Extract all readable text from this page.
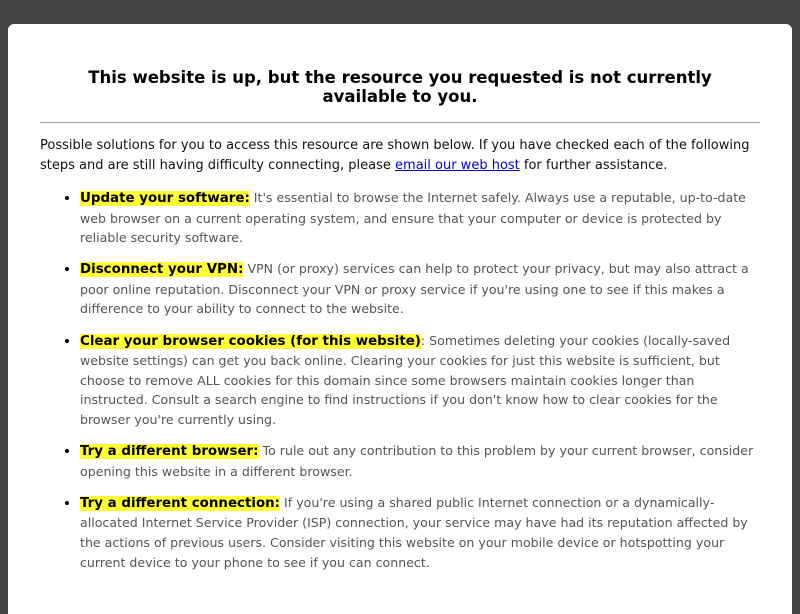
This website is up, but the resource you requested is not currently available to you.

Possible solutions for you to access this resource are shown below. If you have checked each of the following steps and are still having difficulty connecting, please email our web host for further assistance.

• Update your software: It's essential to browse the Internet safely. Always use a reputable, up-to-date web browser on a current operating system, and ensure that your computer or device is protected by reliable security software.
• Disconnect your VPN: VPN (or proxy) services can help to protect your privacy, but may also attract a poor online reputation. Disconnect your VPN or proxy service if you're using one to see if this makes a difference to your ability to connect to the website.
• Clear your browser cookies (for this website): Sometimes deleting your cookies (locally-saved website settings) can get you back online. Clearing your cookies for just this website is sufficient, but choose to remove ALL cookies for this domain since some browsers maintain cookies longer than instructed. Consult a search engine to find instructions if you don't know how to clear cookies for the browser you're currently using.
• Try a different browser: To rule out any contribution to this problem by your current browser, consider opening this website in a different browser.
• Try a different connection: If you're using a shared public Internet connection or a dynamically-allocated Internet Service Provider (ISP) connection, your service may have had its reputation affected by the actions of previous users. Consider visiting this website on your mobile device or hotspotting your current device to your phone to see if you can connect.
